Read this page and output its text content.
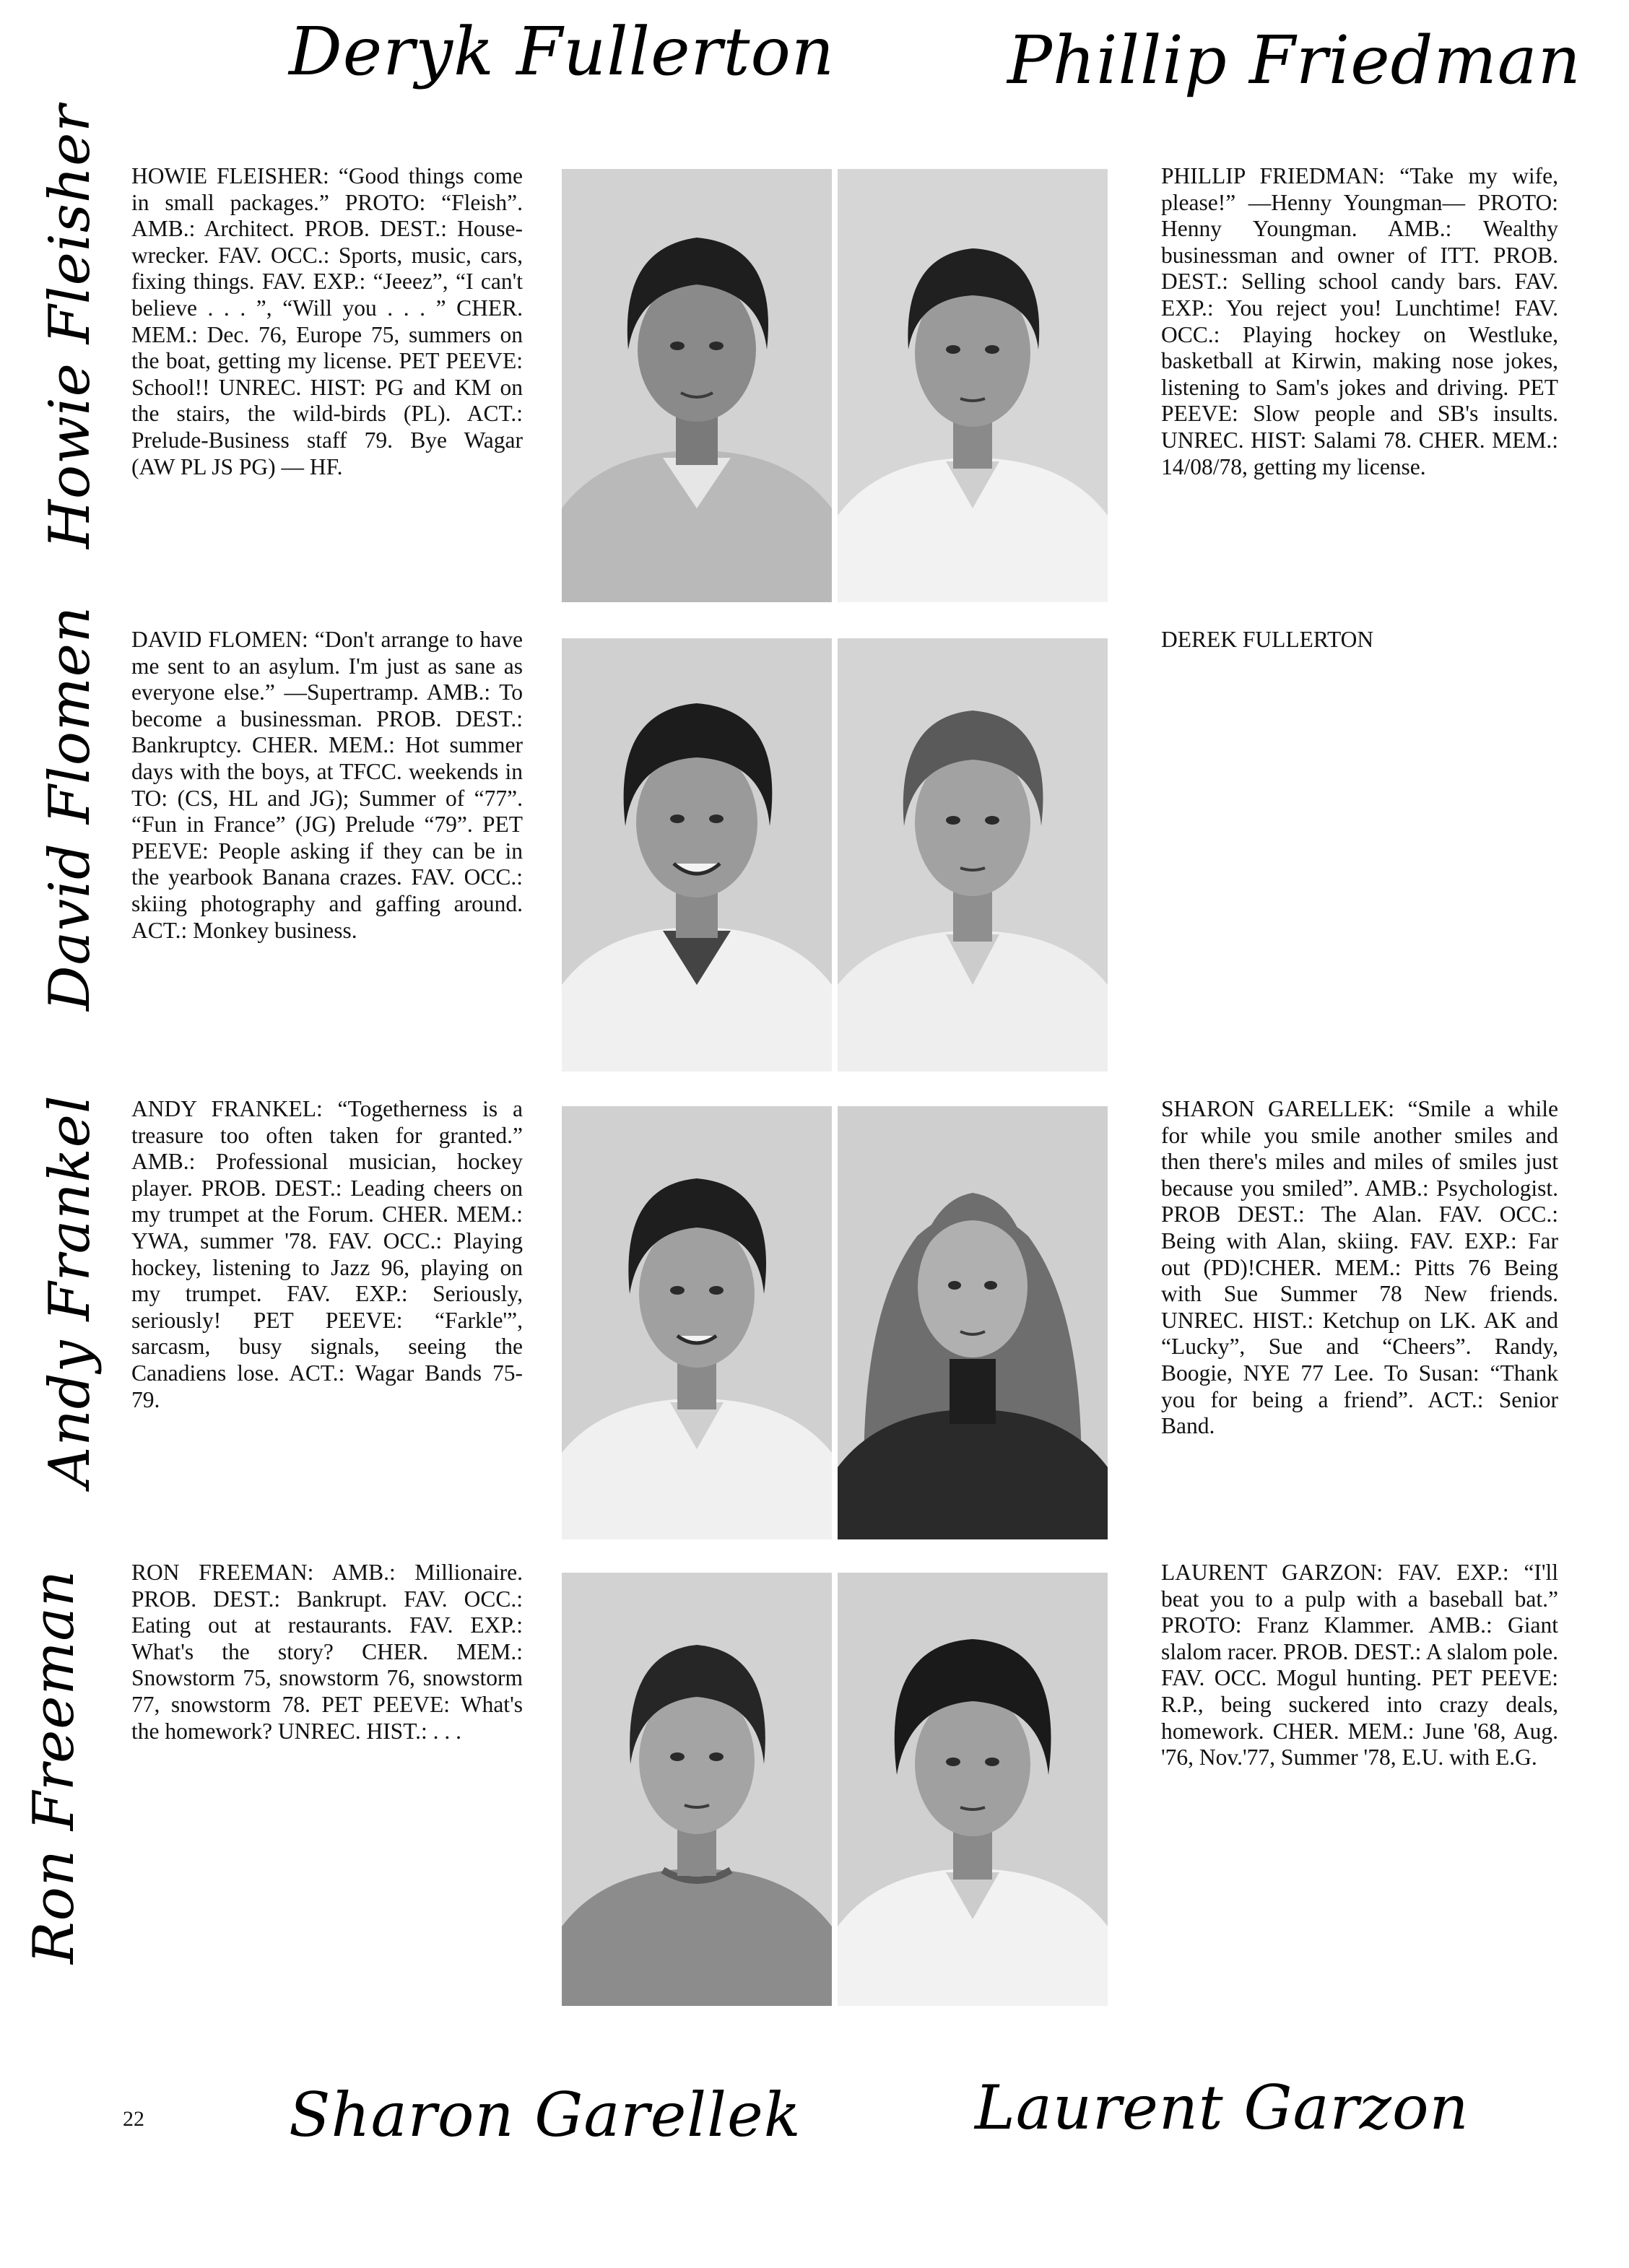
Deryk Fullerton	Phillip Friedman
Howie Fleisher
David Flomen
Andy Frankel
Ron Freeman
Sharon Garellek	Laurent Garzon
HOWIE FLEISHER: “Good things come in small packages.” PROTO: “Fleish”. AMB.: Architect. PROB. DEST.: House-wrecker. FAV. OCC.: Sports, music, cars, fixing things. FAV. EXP.: “Jeeez”, “I can't believe . . . ”, “Will you . . . ” CHER. MEM.: Dec. 76, Europe 75, summers on the boat, getting my license. PET PEEVE: School!! UNREC. HIST: PG and KM on the stairs, the wild-birds (PL). ACT.: Prelude-Business staff 79. Bye Wagar (AW PL JS PG) — HF.
PHILLIP FRIEDMAN: “Take my wife, please!” —Henny Youngman— PROTO: Henny Youngman. AMB.: Wealthy businessman and owner of ITT. PROB. DEST.: Selling school candy bars. FAV. EXP.: You reject you! Lunchtime! FAV. OCC.: Playing hockey on Westluke, basketball at Kirwin, making nose jokes, listening to Sam's jokes and driving. PET PEEVE: Slow people and SB's insults. UNREC. HIST: Salami 78. CHER. MEM.: 14/08/78, getting my license.
DAVID FLOMEN: “Don't arrange to have me sent to an asylum. I'm just as sane as everyone else.” —Supertramp. AMB.: To become a businessman. PROB. DEST.: Bankruptcy. CHER. MEM.: Hot summer days with the boys, at TFCC. weekends in TO: (CS, HL and JG); Summer of “77”. “Fun in France” (JG) Prelude “79”. PET PEEVE: People asking if they can be in the yearbook Banana crazes. FAV. OCC.: skiing photography and gaffing around. ACT.: Monkey business.
DEREK FULLERTON
ANDY FRANKEL: “Togetherness is a treasure too often taken for granted.” AMB.: Professional musician, hockey player. PROB. DEST.: Leading cheers on my trumpet at the Forum. CHER. MEM.: YWA, summer '78. FAV. OCC.: Playing hockey, listening to Jazz 96, playing on my trumpet. FAV. EXP.: Seriously, seriously! PET PEEVE: “Farkle'”, sarcasm, busy signals, seeing the Canadiens lose. ACT.: Wagar Bands 75-79.
SHARON GARELLEK: “Smile a while for while you smile another smiles and then there's miles and miles of smiles just because you smiled”. AMB.: Psychologist. PROB DEST.: The Alan. FAV. OCC.: Being with Alan, skiing. FAV. EXP.: Far out (PD)!CHER. MEM.: Pitts 76 Being with Sue Summer 78 New friends. UNREC. HIST.: Ketchup on LK. AK and “Lucky”, Sue and “Cheers”. Randy, Boogie, NYE 77 Lee. To Susan: “Thank you for being a friend”. ACT.: Senior Band.
RON FREEMAN: AMB.: Millionaire. PROB. DEST.: Bankrupt. FAV. OCC.: Eating out at restaurants. FAV. EXP.: What's the story? CHER. MEM.: Snowstorm 75, snowstorm 76, snowstorm 77, snowstorm 78. PET PEEVE: What's the homework? UNREC. HIST.: . . .
LAURENT GARZON: FAV. EXP.: “I'll beat you to a pulp with a baseball bat.” PROTO: Franz Klammer. AMB.: Giant slalom racer. PROB. DEST.: A slalom pole. FAV. OCC. Mogul hunting. PET PEEVE: R.P., being suckered into crazy deals, homework. CHER. MEM.: June '68, Aug. '76, Nov.'77, Summer '78, E.U. with E.G.
22
